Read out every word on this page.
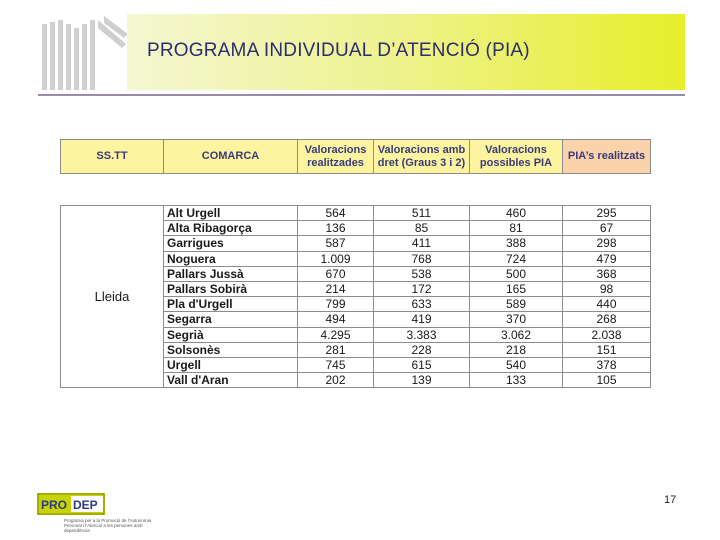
PROGRAMA INDIVIDUAL D’ATENCIÓ (PIA)
SS.TT	COMARCA	Valoracions realitzades	Valoracions amb dret (Graus 3 i 2)	Valoracions possibles PIA	PIA’s realitzats
Lleida	Alt Urgell	564	511	460	295
	Alta Ribagorça	136	85	81	67
	Garrigues	587	411	388	298
	Noguera	1.009	768	724	479
	Pallars Jussà	670	538	500	368
	Pallars Sobirà	214	172	165	98
	Pla d'Urgell	799	633	589	440
	Segarra	494	419	370	268
	Segrià	4.295	3.383	3.062	2.038
	Solsonès	281	228	218	151
	Urgell	745	615	540	378
	Vall d'Aran	202	139	133	105
17
PRO DEP
Programa per a la Promoció de l'Autonomia Personal i l'Atenció a les persones amb dependència
